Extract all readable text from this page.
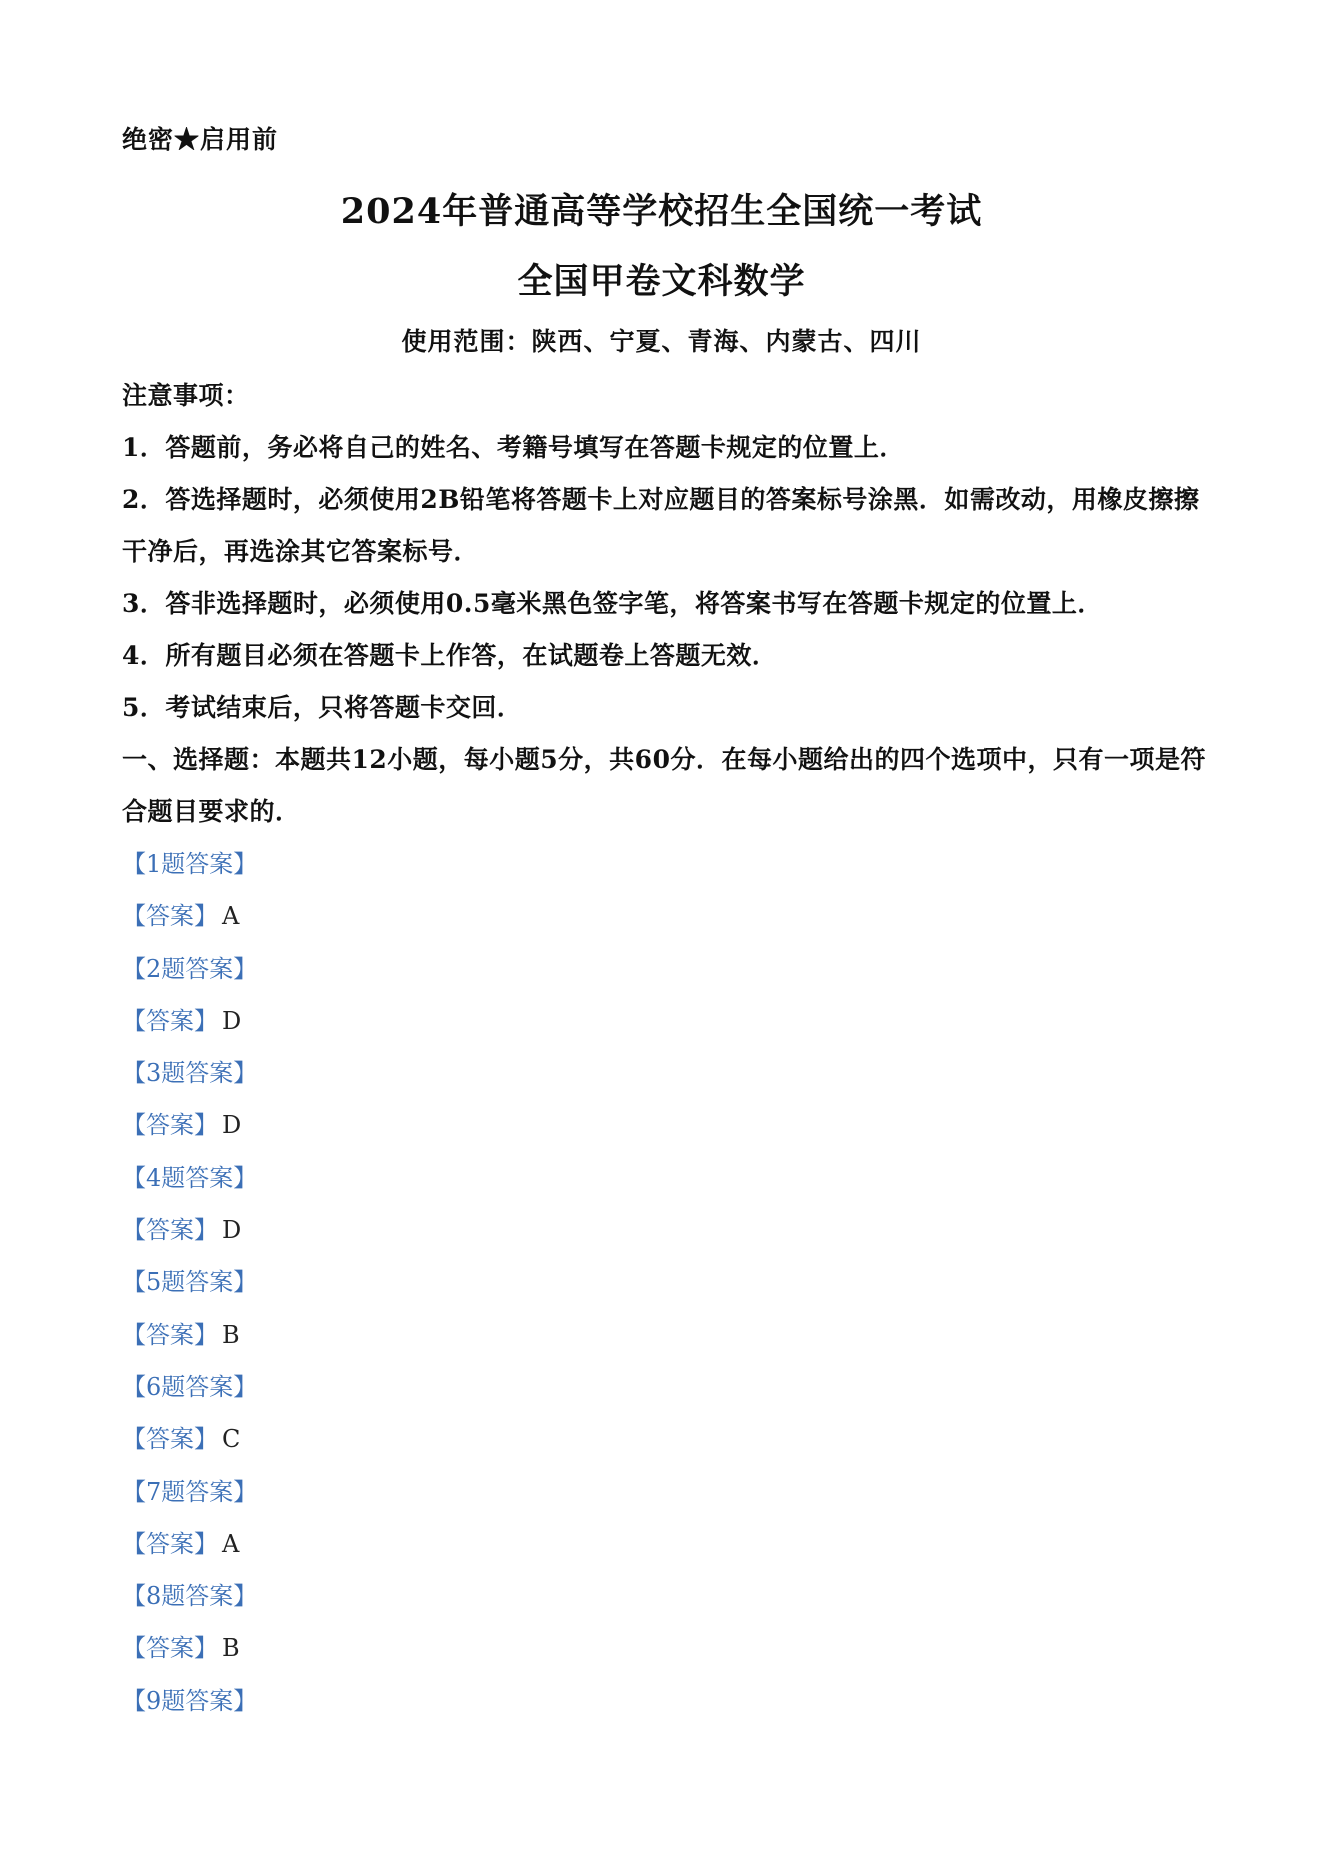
绝密★启用前
2024年普通高等学校招生全国统一考试
全国甲卷文科数学
使用范围：陕西、宁夏、青海、内蒙古、四川

注意事项：

1．答题前，务必将自己的姓名、考籍号填写在答题卡规定的位置上．

2．答选择题时，必须使用2B铅笔将答题卡上对应题目的答案标号涂黑．如需改动，用橡皮擦擦干净后，再选涂其它答案标号．

3．答非选择题时，必须使用0.5毫米黑色签字笔，将答案书写在答题卡规定的位置上．

4．所有题目必须在答题卡上作答，在试题卷上答题无效．

5．考试结束后，只将答题卡交回．

一、选择题：本题共12小题，每小题5分，共60分．在每小题给出的四个选项中，只有一项是符合题目要求的．

【1题答案】
【答案】 A
【2题答案】
【答案】 D
【3题答案】
【答案】 D
【4题答案】
【答案】 D
【5题答案】
【答案】 B
【6题答案】
【答案】 C
【7题答案】
【答案】 A
【8题答案】
【答案】 B
【9题答案】
